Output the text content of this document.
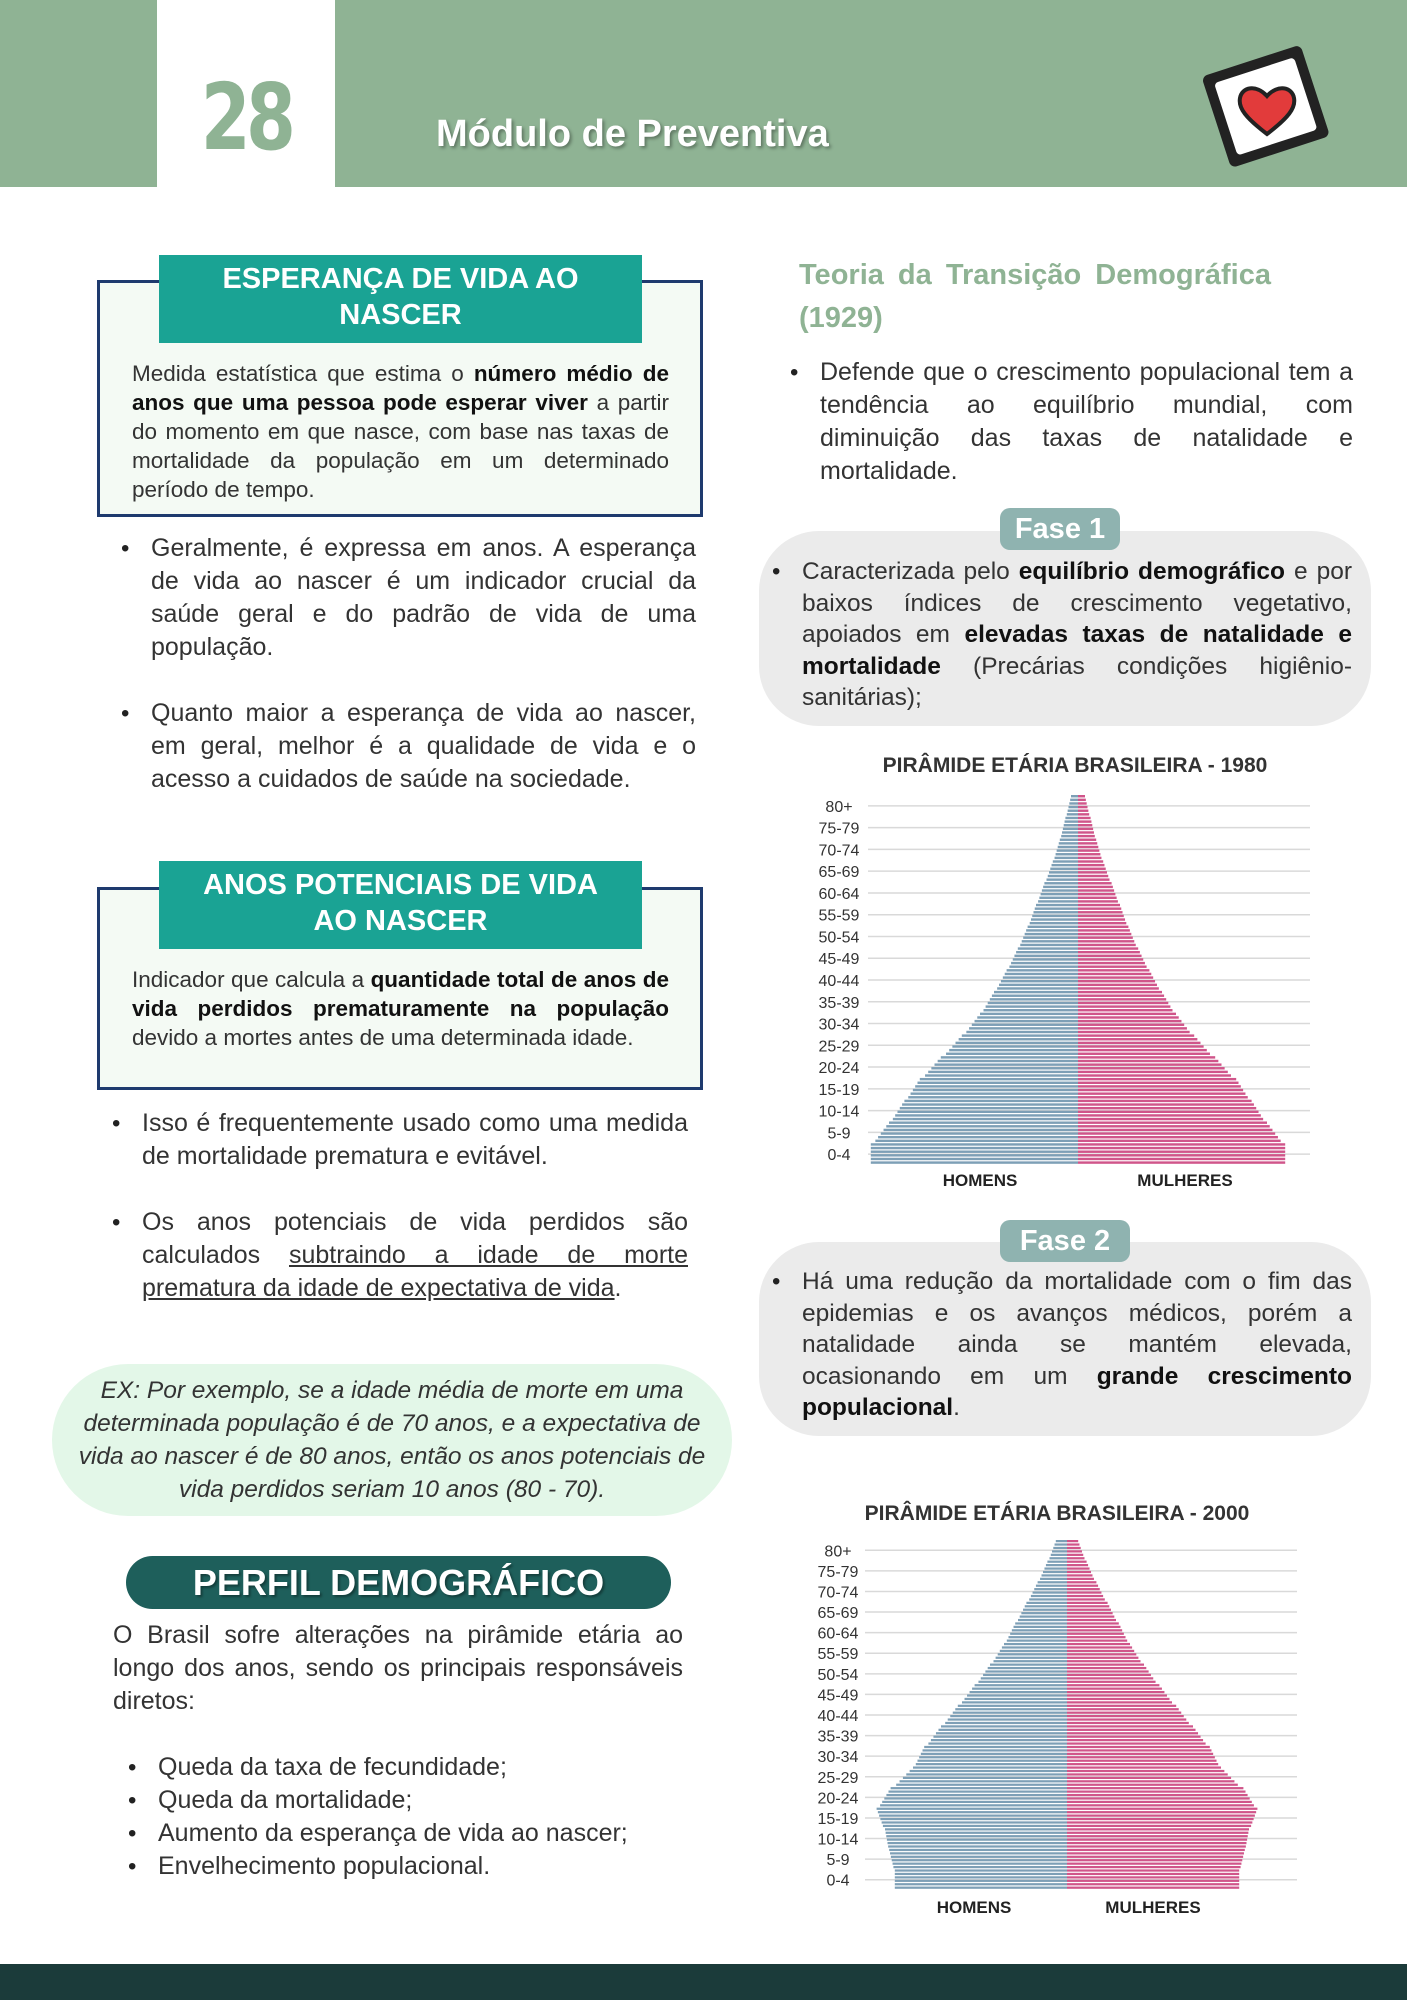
28	Módulo de Preventiva
ESPERANÇA DE VIDA AO
NASCER
Medida estatística que estima o número médio de anos que uma pessoa pode esperar viver a partir do momento em que nasce, com base nas taxas de mortalidade da população em um determinado período de tempo.
• Geralmente, é expressa em anos. A esperança de vida ao nascer é um indicador crucial da saúde geral e do padrão de vida de uma população.
• Quanto maior a esperança de vida ao nascer, em geral, melhor é a qualidade de vida e o acesso a cuidados de saúde na sociedade.
ANOS POTENCIAIS DE VIDA
AO NASCER
Indicador que calcula a quantidade total de anos de vida perdidos prematuramente na população devido a mortes antes de uma determinada idade.
• Isso é frequentemente usado como uma medida de mortalidade prematura e evitável.
• Os anos potenciais de vida perdidos são calculados subtraindo a idade de morte prematura da idade de expectativa de vida.
EX: Por exemplo, se a idade média de morte em uma determinada população é de 70 anos, e a expectativa de vida ao nascer é de 80 anos, então os anos potenciais de vida perdidos seriam 10 anos (80 - 70).
PERFIL DEMOGRÁFICO
O Brasil sofre alterações na pirâmide etária ao longo dos anos, sendo os principais responsáveis diretos:
• Queda da taxa de fecundidade;
• Queda da mortalidade;
• Aumento da esperança de vida ao nascer;
• Envelhecimento populacional.
Teoria da Transição Demográfica (1929)
• Defende que o crescimento populacional tem a tendência ao equilíbrio mundial, com diminuição das taxas de natalidade e mortalidade.
Fase 1
• Caracterizada pelo equilíbrio demográfico e por baixos índices de crescimento vegetativo, apoiados em elevadas taxas de natalidade e mortalidade (Precárias condições higiênio-sanitárias);
PIRÂMIDE ETÁRIA BRASILEIRA - 1980
80+
75-79
70-74
65-69
60-64
55-59
50-54
45-49
40-44
35-39
30-34
25-29
20-24
15-19
10-14
5-9
0-4
HOMENS	MULHERES
Fase 2
• Há uma redução da mortalidade com o fim das epidemias e os avanços médicos, porém a natalidade ainda se mantém elevada, ocasionando em um grande crescimento populacional.
PIRÂMIDE ETÁRIA BRASILEIRA - 2000
80+
75-79
70-74
65-69
60-64
55-59
50-54
45-49
40-44
35-39
30-34
25-29
20-24
15-19
10-14
5-9
0-4
HOMENS	MULHERES
